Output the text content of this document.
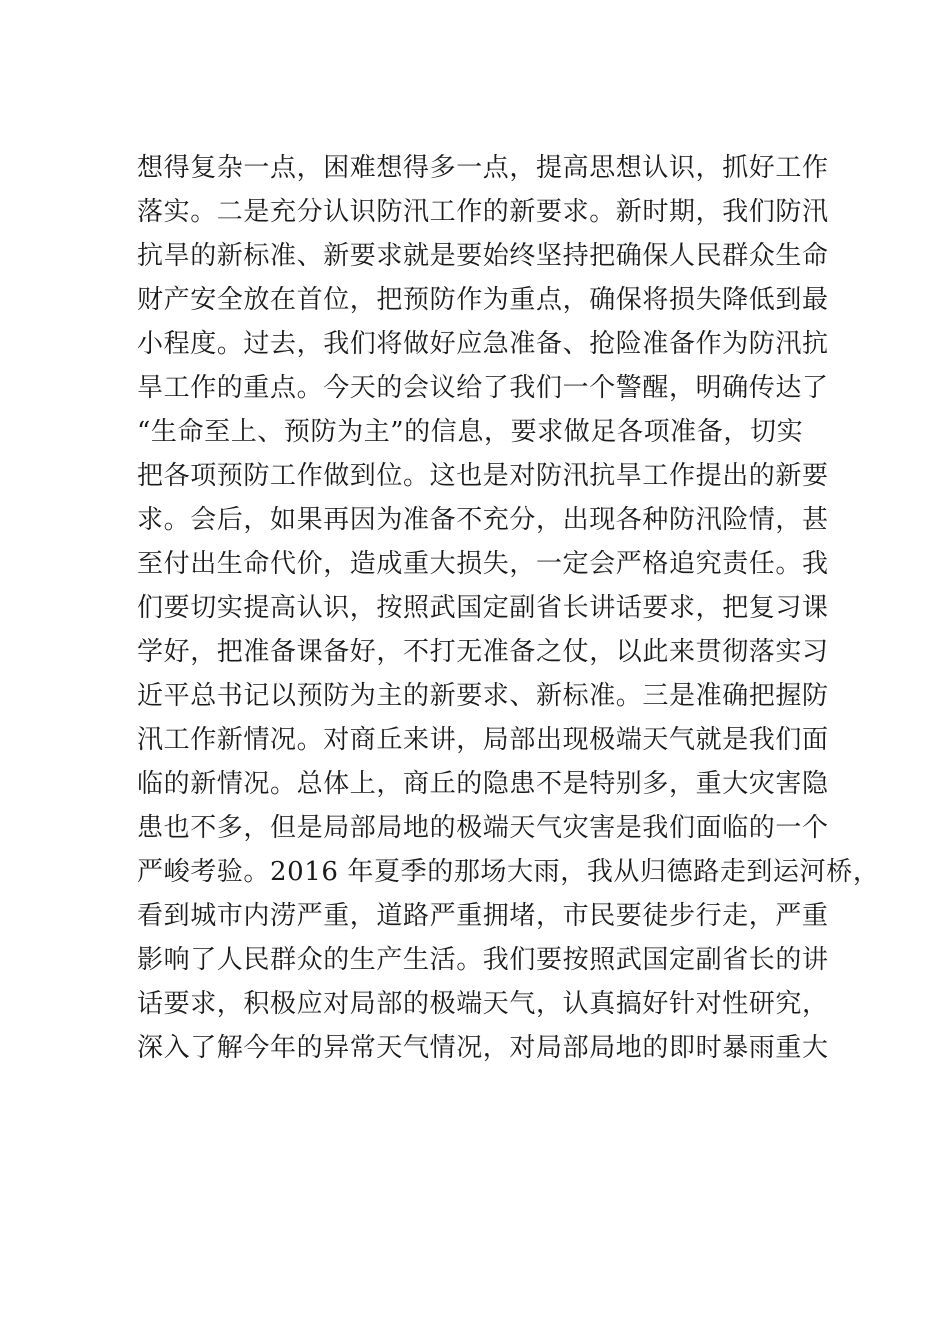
想得复杂一点，困难想得多一点，提高思想认识，抓好工作
落实。二是充分认识防汛工作的新要求。新时期，我们防汛
抗旱的新标准、新要求就是要始终坚持把确保人民群众生命
财产安全放在首位，把预防作为重点，确保将损失降低到最
小程度。过去，我们将做好应急准备、抢险准备作为防汛抗
旱工作的重点。今天的会议给了我们一个警醒，明确传达了
“生命至上、预防为主”的信息，要求做足各项准备，切实
把各项预防工作做到位。这也是对防汛抗旱工作提出的新要
求。会后，如果再因为准备不充分，出现各种防汛险情，甚
至付出生命代价，造成重大损失，一定会严格追究责任。我
们要切实提高认识，按照武国定副省长讲话要求，把复习课
学好，把准备课备好，不打无准备之仗，以此来贯彻落实习
近平总书记以预防为主的新要求、新标准。三是准确把握防
汛工作新情况。对商丘来讲，局部出现极端天气就是我们面
临的新情况。总体上，商丘的隐患不是特别多，重大灾害隐
患也不多，但是局部局地的极端天气灾害是我们面临的一个
严峻考验。2016 年夏季的那场大雨，我从归德路走到运河桥，
看到城市内涝严重，道路严重拥堵，市民要徒步行走，严重
影响了人民群众的生产生活。我们要按照武国定副省长的讲
话要求，积极应对局部的极端天气，认真搞好针对性研究，
深入了解今年的异常天气情况，对局部局地的即时暴雨重大
